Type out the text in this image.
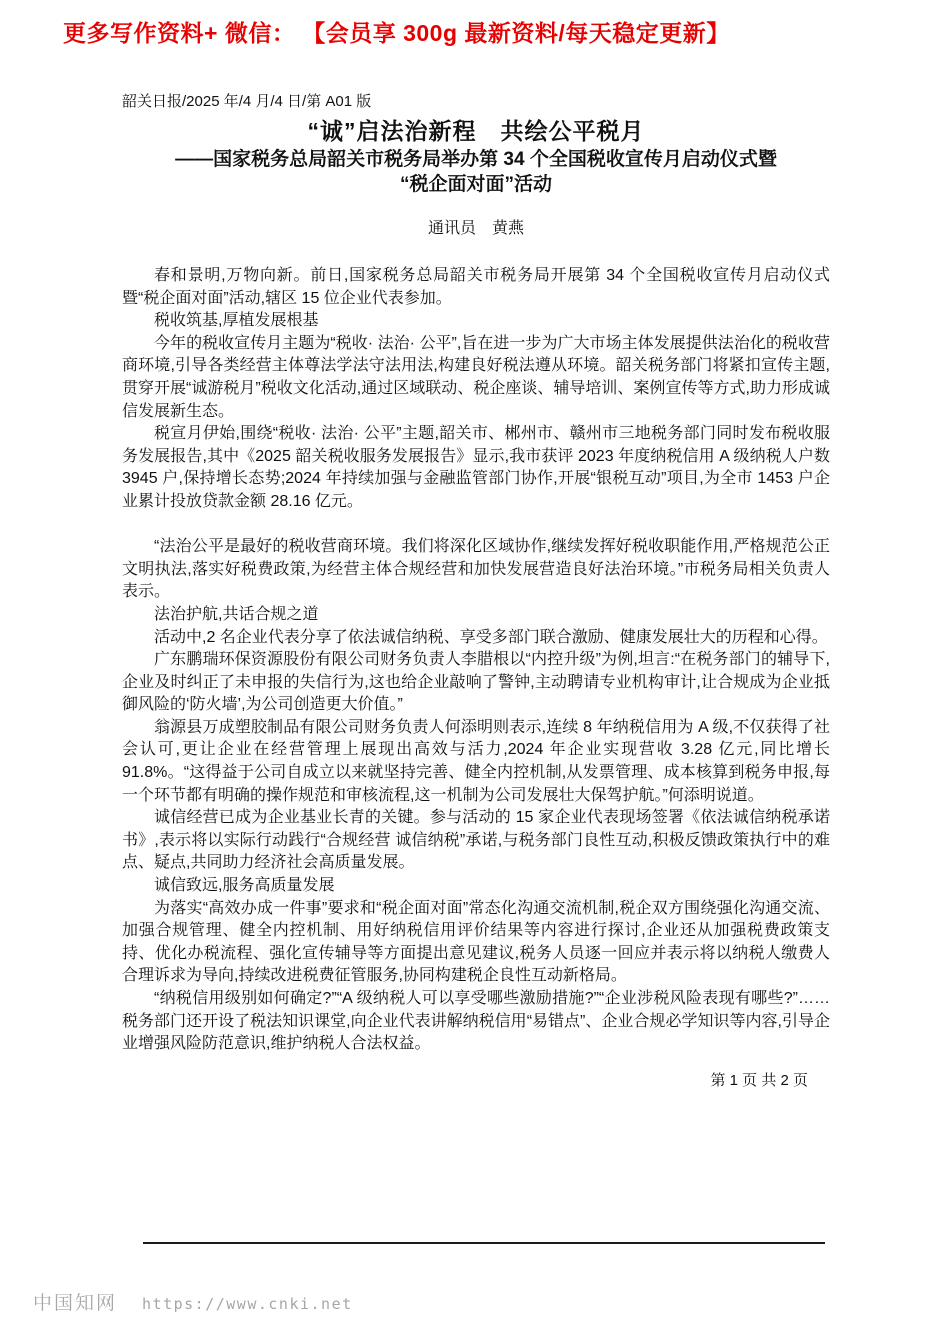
更多写作资料+ 微信： 【会员享 300g 最新资料/每天稳定更新】
韶关日报/2025 年/4 月/4 日/第 A01 版
“诚”启法治新程　共绘公平税月
——国家税务总局韶关市税务局举办第 34 个全国税收宣传月启动仪式暨
“税企面对面”活动
通讯员　黄燕

春和景明,万物向新。前日,国家税务总局韶关市税务局开展第 34 个全国税收宣传月启动仪式暨“税企面对面”活动,辖区 15 位企业代表参加。

税收筑基,厚植发展根基

今年的税收宣传月主题为“税收· 法治· 公平”,旨在进一步为广大市场主体发展提供法治化的税收营商环境,引导各类经营主体尊法学法守法用法,构建良好税法遵从环境。韶关税务部门将紧扣宣传主题,贯穿开展“诚游税月”税收文化活动,通过区域联动、税企座谈、辅导培训、案例宣传等方式,助力形成诚信发展新生态。

税宣月伊始,围绕“税收· 法治· 公平”主题,韶关市、郴州市、赣州市三地税务部门同时发布税收服务发展报告,其中《2025 韶关税收服务发展报告》显示,我市获评 2023 年度纳税信用 A 级纳税人户数 3945 户,保持增长态势;2024 年持续加强与金融监管部门协作,开展“银税互动”项目,为全市 1453 户企业累计投放贷款金额 28.16 亿元。

“法治公平是最好的税收营商环境。我们将深化区域协作,继续发挥好税收职能作用,严格规范公正文明执法,落实好税费政策,为经营主体合规经营和加快发展营造良好法治环境。”市税务局相关负责人表示。

法治护航,共话合规之道

活动中,2 名企业代表分享了依法诚信纳税、享受多部门联合激励、健康发展壮大的历程和心得。

广东鹏瑞环保资源股份有限公司财务负责人李腊根以“内控升级”为例,坦言:“在税务部门的辅导下,企业及时纠正了未申报的失信行为,这也给企业敲响了警钟,主动聘请专业机构审计,让合规成为企业抵御风险的‘防火墙’,为公司创造更大价值。”

翁源县万成塑胶制品有限公司财务负责人何添明则表示,连续 8 年纳税信用为 A 级,不仅获得了社会认可,更让企业在经营管理上展现出高效与活力,2024 年企业实现营收 3.28 亿元,同比增长 91.8%。“这得益于公司自成立以来就坚持完善、健全内控机制,从发票管理、成本核算到税务申报,每一个环节都有明确的操作规范和审核流程,这一机制为公司发展壮大保驾护航。”何添明说道。

诚信经营已成为企业基业长青的关键。参与活动的 15 家企业代表现场签署《依法诚信纳税承诺书》,表示将以实际行动践行“合规经营 诚信纳税”承诺,与税务部门良性互动,积极反馈政策执行中的难点、疑点,共同助力经济社会高质量发展。

诚信致远,服务高质量发展

为落实“高效办成一件事”要求和“税企面对面”常态化沟通交流机制,税企双方围绕强化沟通交流、加强合规管理、健全内控机制、用好纳税信用评价结果等内容进行探讨,企业还从加强税费政策支持、优化办税流程、强化宣传辅导等方面提出意见建议,税务人员逐一回应并表示将以纳税人缴费人合理诉求为导向,持续改进税费征管服务,协同构建税企良性互动新格局。

“纳税信用级别如何确定?”“A 级纳税人可以享受哪些激励措施?”“企业涉税风险表现有哪些?”……税务部门还开设了税法知识课堂,向企业代表讲解纳税信用“易错点”、企业合规必学知识等内容,引导企业增强风险防范意识,维护纳税人合法权益。

第 1 页 共 2 页
中国知网 https://www.cnki.net
